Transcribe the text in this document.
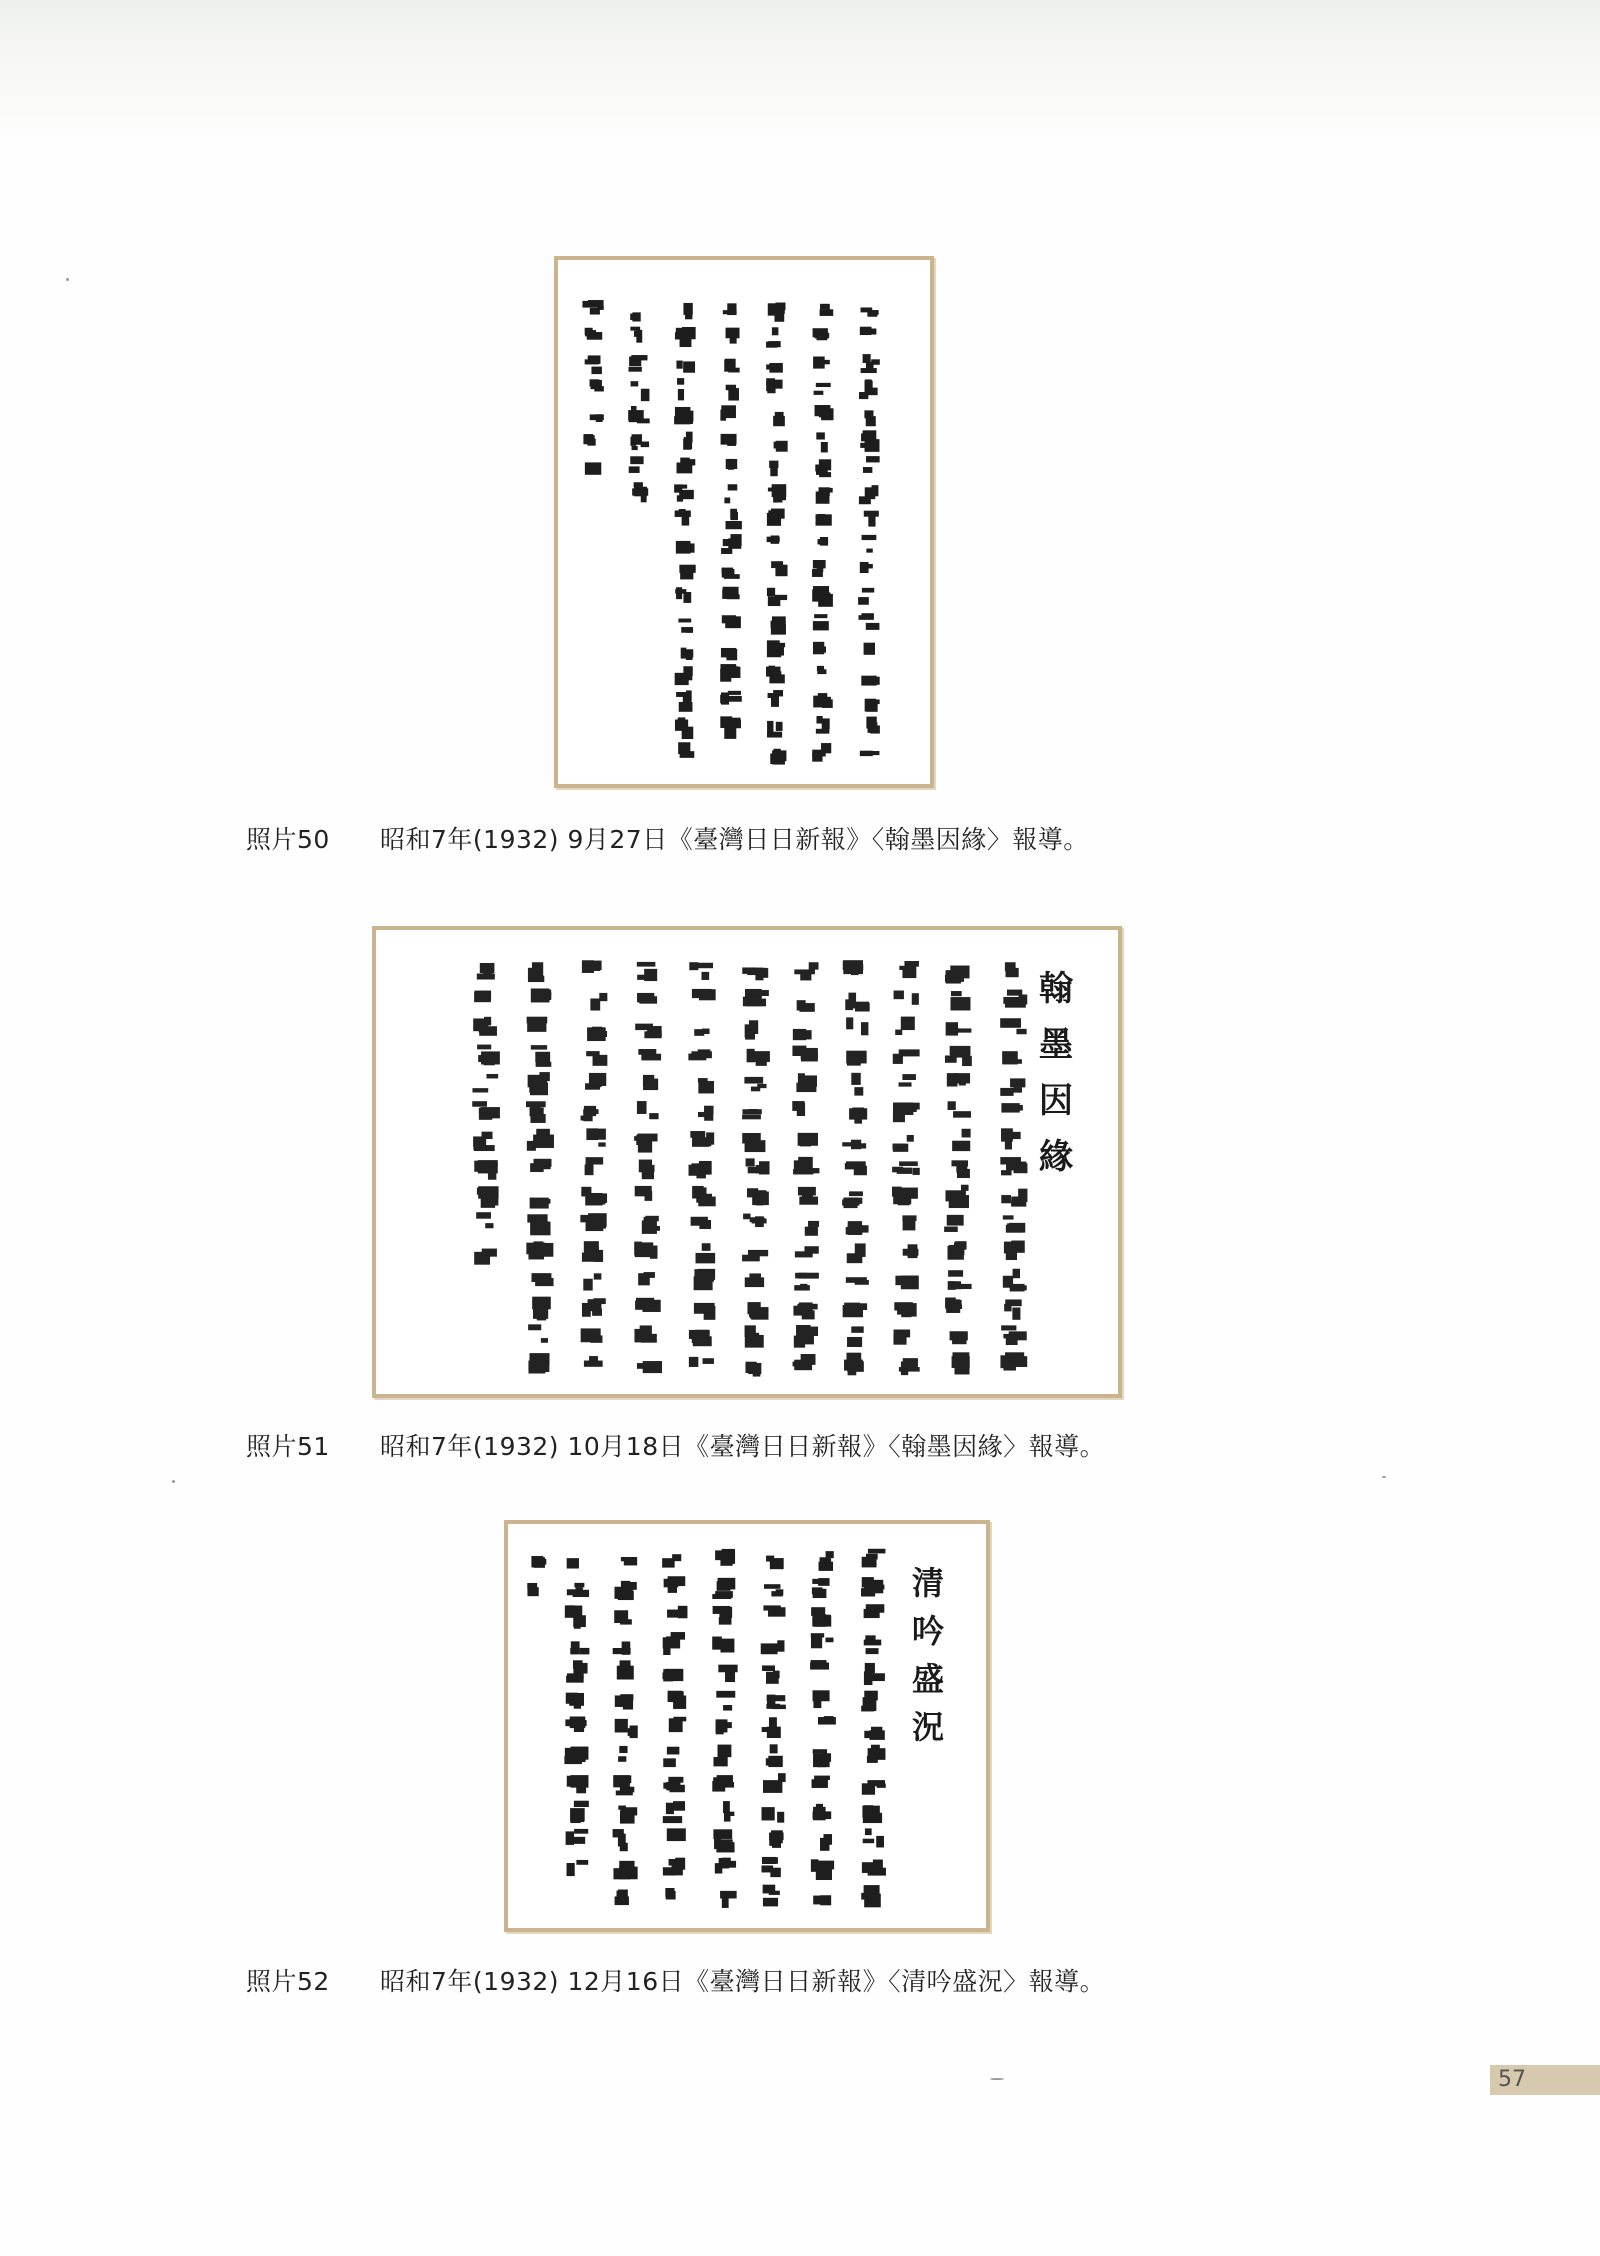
照片50 昭和7年(1932) 9月27日《臺灣日日新報》〈翰墨因緣〉報導。
翰
墨
因
緣
照片51 昭和7年(1932) 10月18日《臺灣日日新報》〈翰墨因緣〉報導。
清
吟
盛
況
照片52 昭和7年(1932) 12月16日《臺灣日日新報》〈清吟盛況〉報導。
57
